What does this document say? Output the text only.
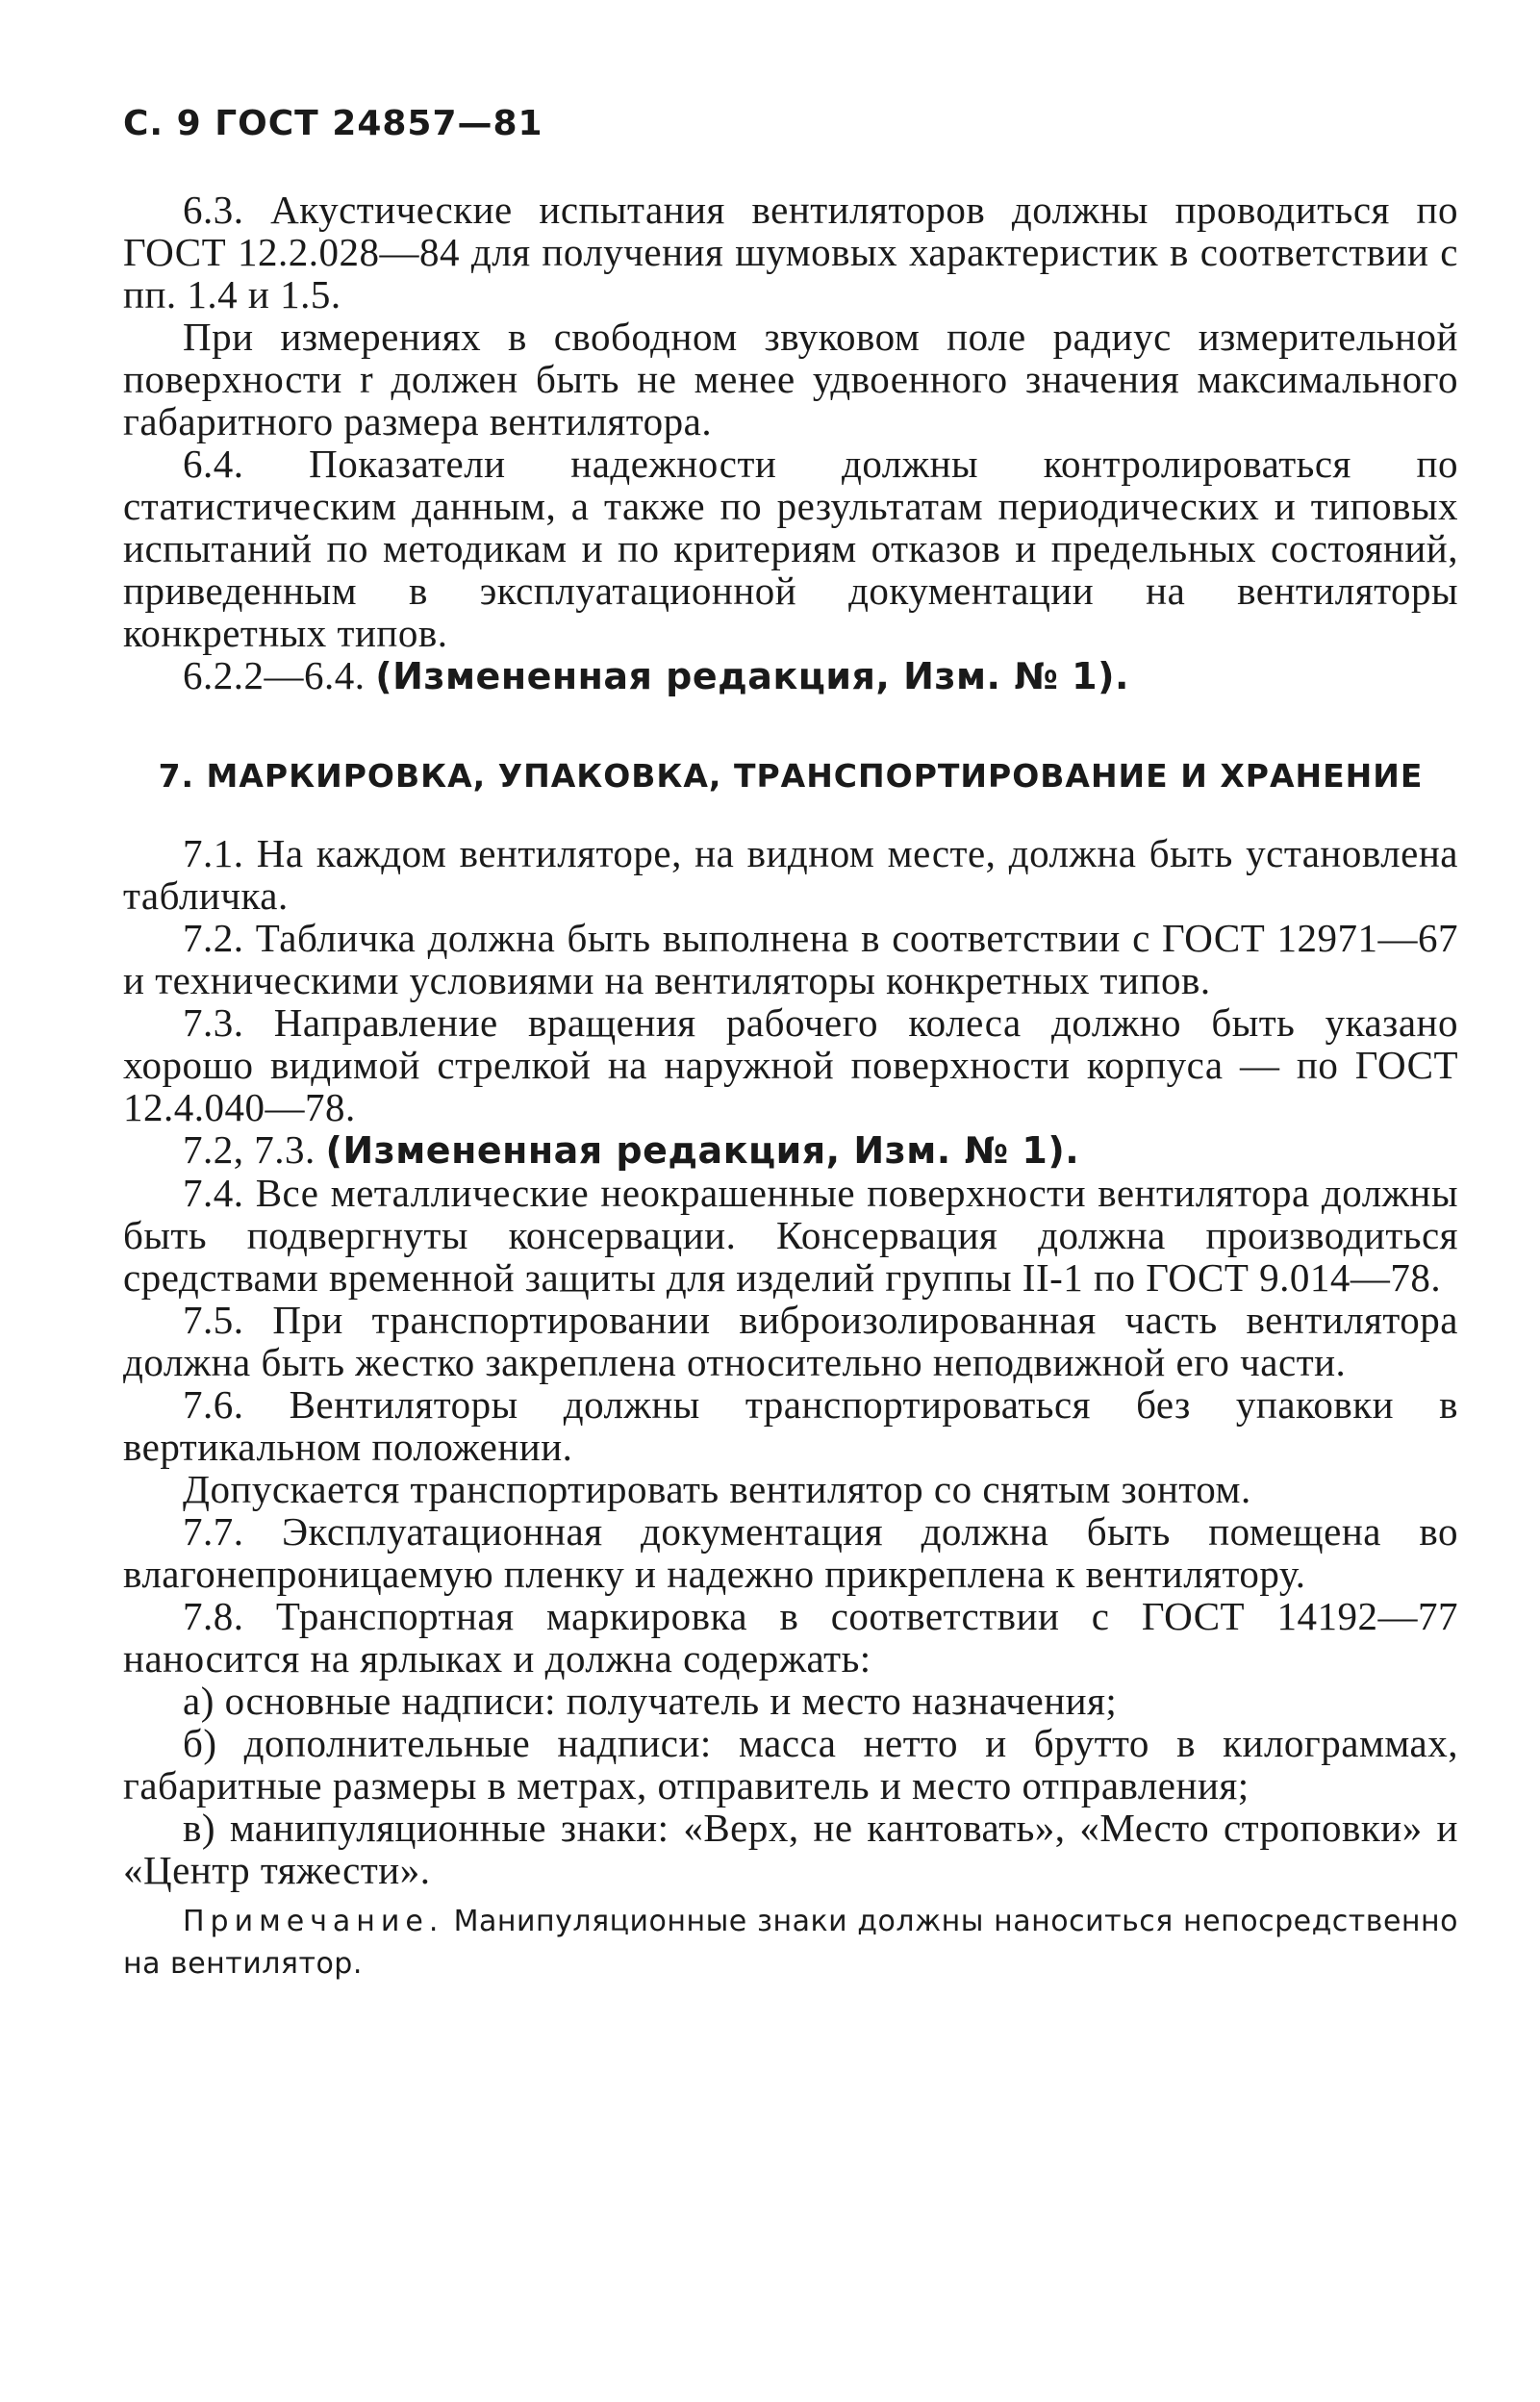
С. 9 ГОСТ 24857—81

6.3. Акустические испытания вентиляторов должны проводиться по ГОСТ 12.2.028—84 для получения шумовых характеристик в соответствии с пп. 1.4 и 1.5.

При измерениях в свободном звуковом поле радиус измерительной поверхности r должен быть не менее удвоенного значения максимального габаритного размера вентилятора.

6.4. Показатели надежности должны контролироваться по статистическим данным, а также по результатам периодических и типовых испытаний по методикам и по критериям отказов и предельных состояний, приведенным в эксплуатационной документации на вентиляторы конкретных типов.

6.2.2—6.4. (Измененная редакция, Изм. № 1).

7. МАРКИРОВКА, УПАКОВКА, ТРАНСПОРТИРОВАНИЕ И ХРАНЕНИЕ

7.1. На каждом вентиляторе, на видном месте, должна быть установлена табличка.

7.2. Табличка должна быть выполнена в соответствии с ГОСТ 12971—67 и техническими условиями на вентиляторы конкретных типов.

7.3. Направление вращения рабочего колеса должно быть указано хорошо видимой стрелкой на наружной поверхности корпуса — по ГОСТ 12.4.040—78.

7.2, 7.3. (Измененная редакция, Изм. № 1).

7.4. Все металлические неокрашенные поверхности вентилятора должны быть подвергнуты консервации. Консервация должна производиться средствами временной защиты для изделий группы II-1 по ГОСТ 9.014—78.

7.5. При транспортировании виброизолированная часть вентилятора должна быть жестко закреплена относительно неподвижной его части.

7.6. Вентиляторы должны транспортироваться без упаковки в вертикальном положении.

Допускается транспортировать вентилятор со снятым зонтом.

7.7. Эксплуатационная документация должна быть помещена во влагонепроницаемую пленку и надежно прикреплена к вентилятору.

7.8. Транспортная маркировка в соответствии с ГОСТ 14192—77 наносится на ярлыках и должна содержать:

а) основные надписи: получатель и место назначения;

б) дополнительные надписи: масса нетто и брутто в килограммах, габаритные размеры в метрах, отправитель и место отправления;

в) манипуляционные знаки: «Верх, не кантовать», «Место строповки» и «Центр тяжести».

Примечание. Манипуляционные знаки должны наноситься непосредственно на вентилятор.
